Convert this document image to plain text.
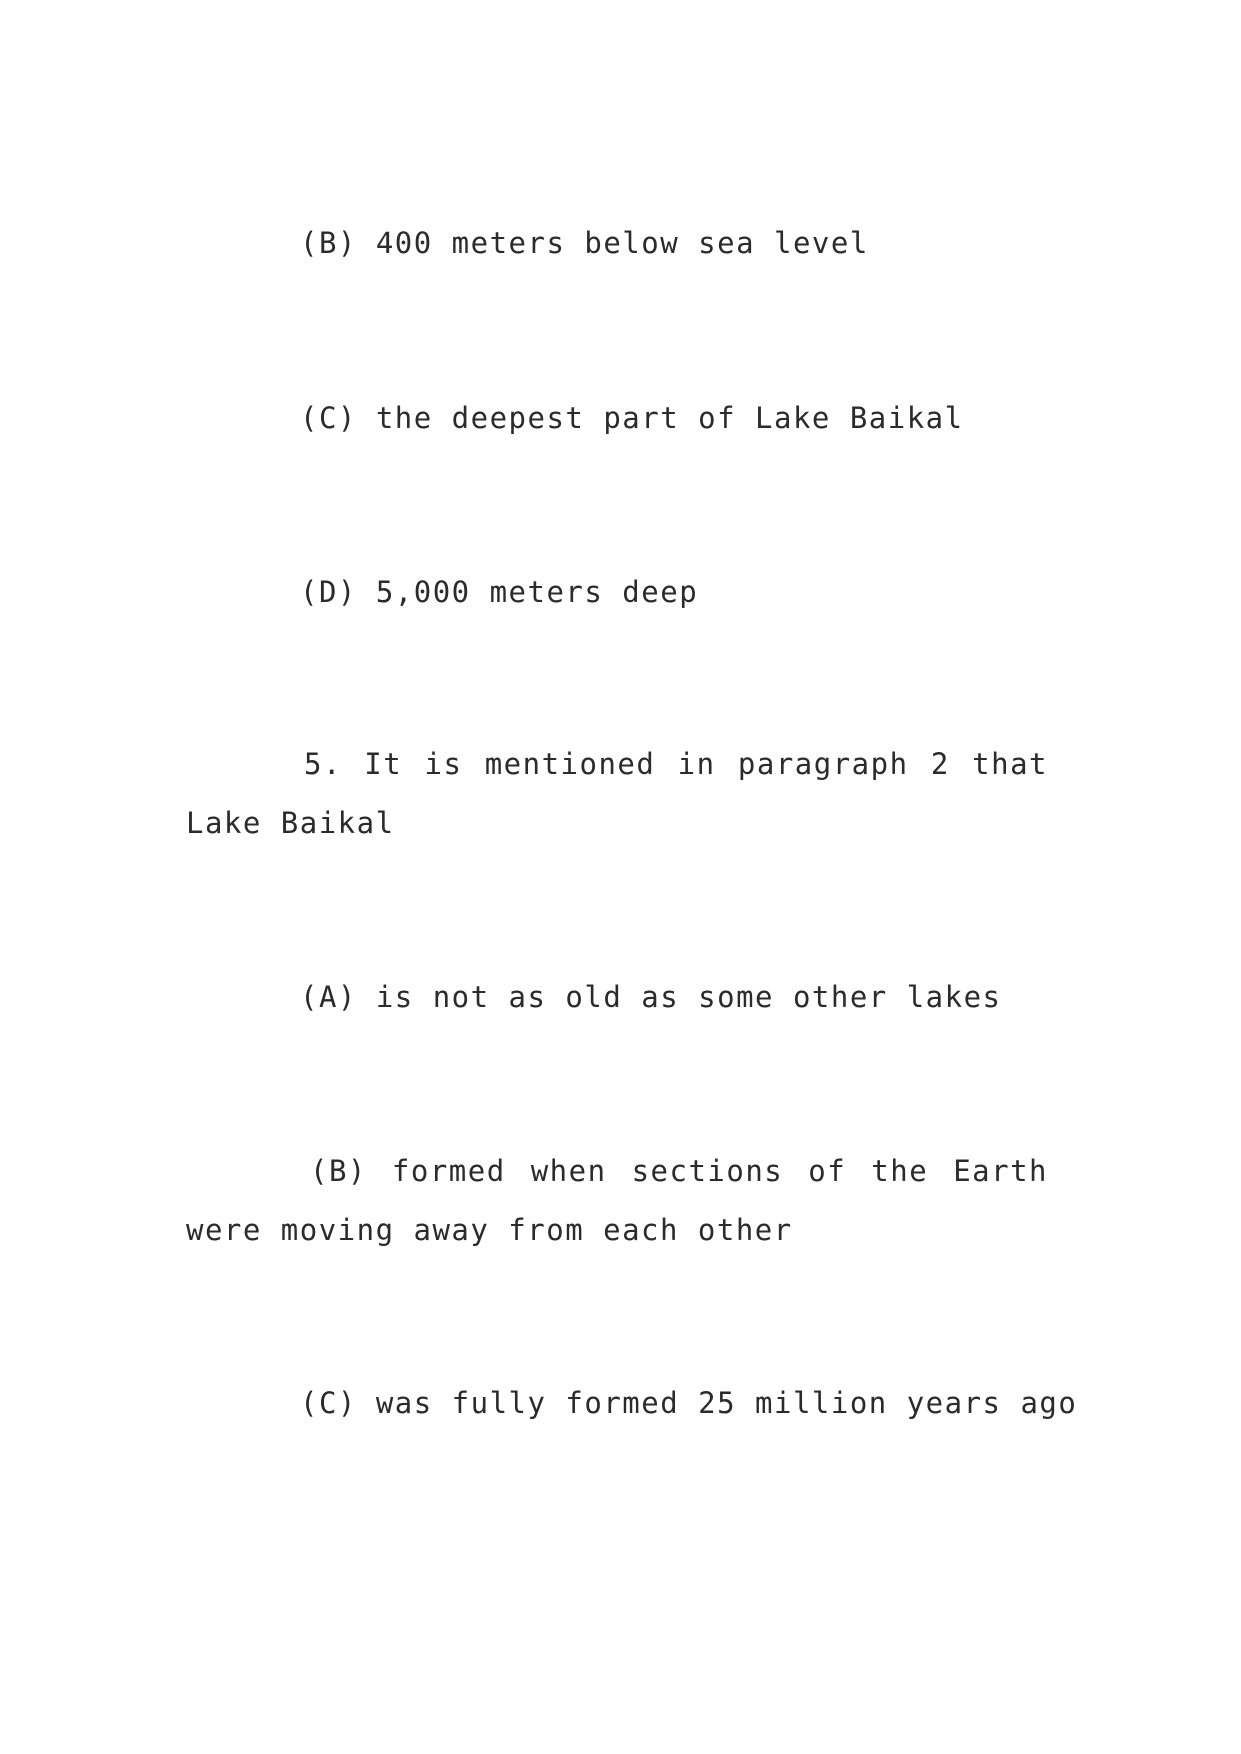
(B) 400 meters below sea level
(C) the deepest part of Lake Baikal
(D) 5,000 meters deep
5. It is mentioned in paragraph 2 that Lake Baikal
(A) is not as old as some other lakes
(B) formed when sections of the Earth were moving away from each other
(C) was fully formed 25 million years ago
